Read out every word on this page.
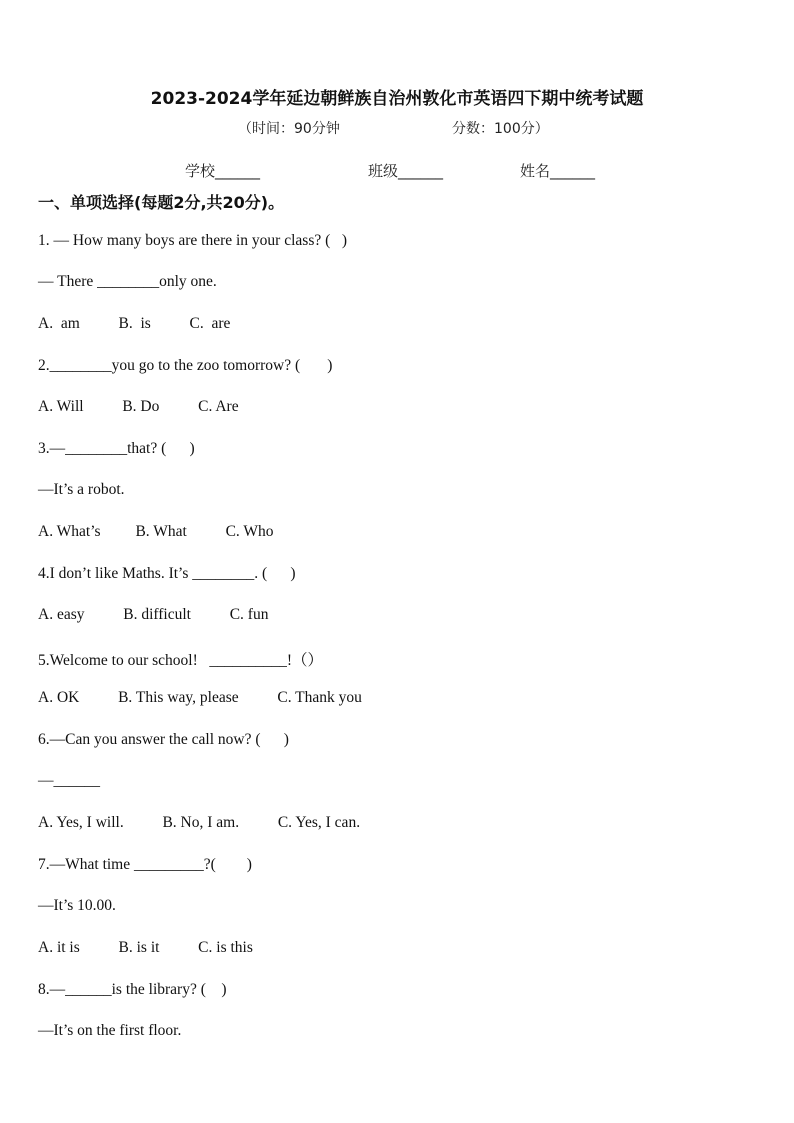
2023-2024学年延边朝鲜族自治州敦化市英语四下期中统考试题
（时间：90分钟	分数：100分）
学校______	班级______	姓名______
一、单项选择(每题2分,共20分)。
1. — How many boys are there in your class? (   )
— There ________only one.
A.  am          B.  is          C.  are
2.________you go to the zoo tomorrow? (       )
A. Will          B. Do          C. Are
3.—________that? (      )
—It’s a robot.
A. What’s         B. What          C. Who
4.I don’t like Maths. It’s ________. (      )
A. easy          B. difficult          C. fun
5.Welcome to our school!   __________!（）
A. OK          B. This way, please          C. Thank you
6.—Can you answer the call now? (      )
—______
A. Yes, I will.          B. No, I am.          C. Yes, I can.
7.—What time _________?(        )
—It’s 10.00.
A. it is          B. is it          C. is this
8.—______is the library? (    )
—It’s on the first floor.
